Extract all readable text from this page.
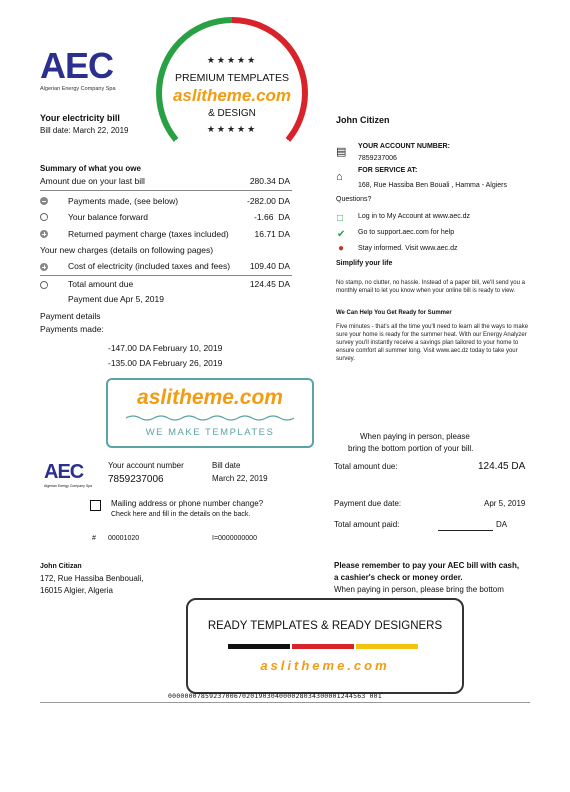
AEC
Algerian Energy Company Spa
Your electricity bill
Bill date: March 22, 2019
John Citizen
Summary of what you owe
Amount due on your last bill	280.34 DA
Payments made, (see below)	-282.00 DA
Your balance forward	-1.66 DA
Returned payment charge (taxes included)	16.71 DA
Your new charges (details on following pages)
Cost of electricity (included taxes and fees) 109.40 DA
Total amount due	124.45 DA
Payment due Apr 5, 2019
Payment details
Payments made:
-147.00 DA February 10, 2019
-135.00 DA February 26, 2019
▤ YOUR ACCOUNT NUMBER:
7859237006
⌂
FOR SERVICE AT:
168, Rue Hassiba Ben Bouali , Hamma - Algiers
Questions?
□ Log in to My Account at www.aec.dz
✔ Go to support.aec.com for help
● Stay informed. Visit www.aec.dz
Simplify your life
No stamp, no clutter, no hassle. Instead of a paper bill, we'll send you a monthly email to let you know when your online bill is ready to view.
We Can Help You Get Ready for Summer
Five minutes - that's all the time you'll need to learn all the ways to make sure your home is ready for the summer heat. With our Energy Analyzer survey you'll instantly receive a savings plan tailored to your home to ensure comfort all summer long. Visit www.aec.dz today to take your survey.
★★★★★
PREMIUM TEMPLATES
aslitheme.com
& DESIGN
★★★★★
aslitheme.com
WE MAKE TEMPLATES	When paying in person, please
bring the bottom portion of your bill.
AEC
Algerian Energy Company Spa
Your account number
7859237006
Bill date
March 22, 2019
Mailing address or phone number change?
Check here and fill in the details on the back.
# 00001020	I=0000000000
John Citizan
172, Rue Hassiba Benbouali,
16015 Algier, Algeria
Total amount due:	124.45 DA
Payment due date:	Apr 5, 2019
Total amount paid:	DA
Please remember to pay your AEC bill with cash,
a cashier's check or money order.
When paying in person, please bring the bottom
READY TEMPLATES & READY DESIGNERS
aslitheme.com
00000007859237006702019030400002803430000124456З 001
